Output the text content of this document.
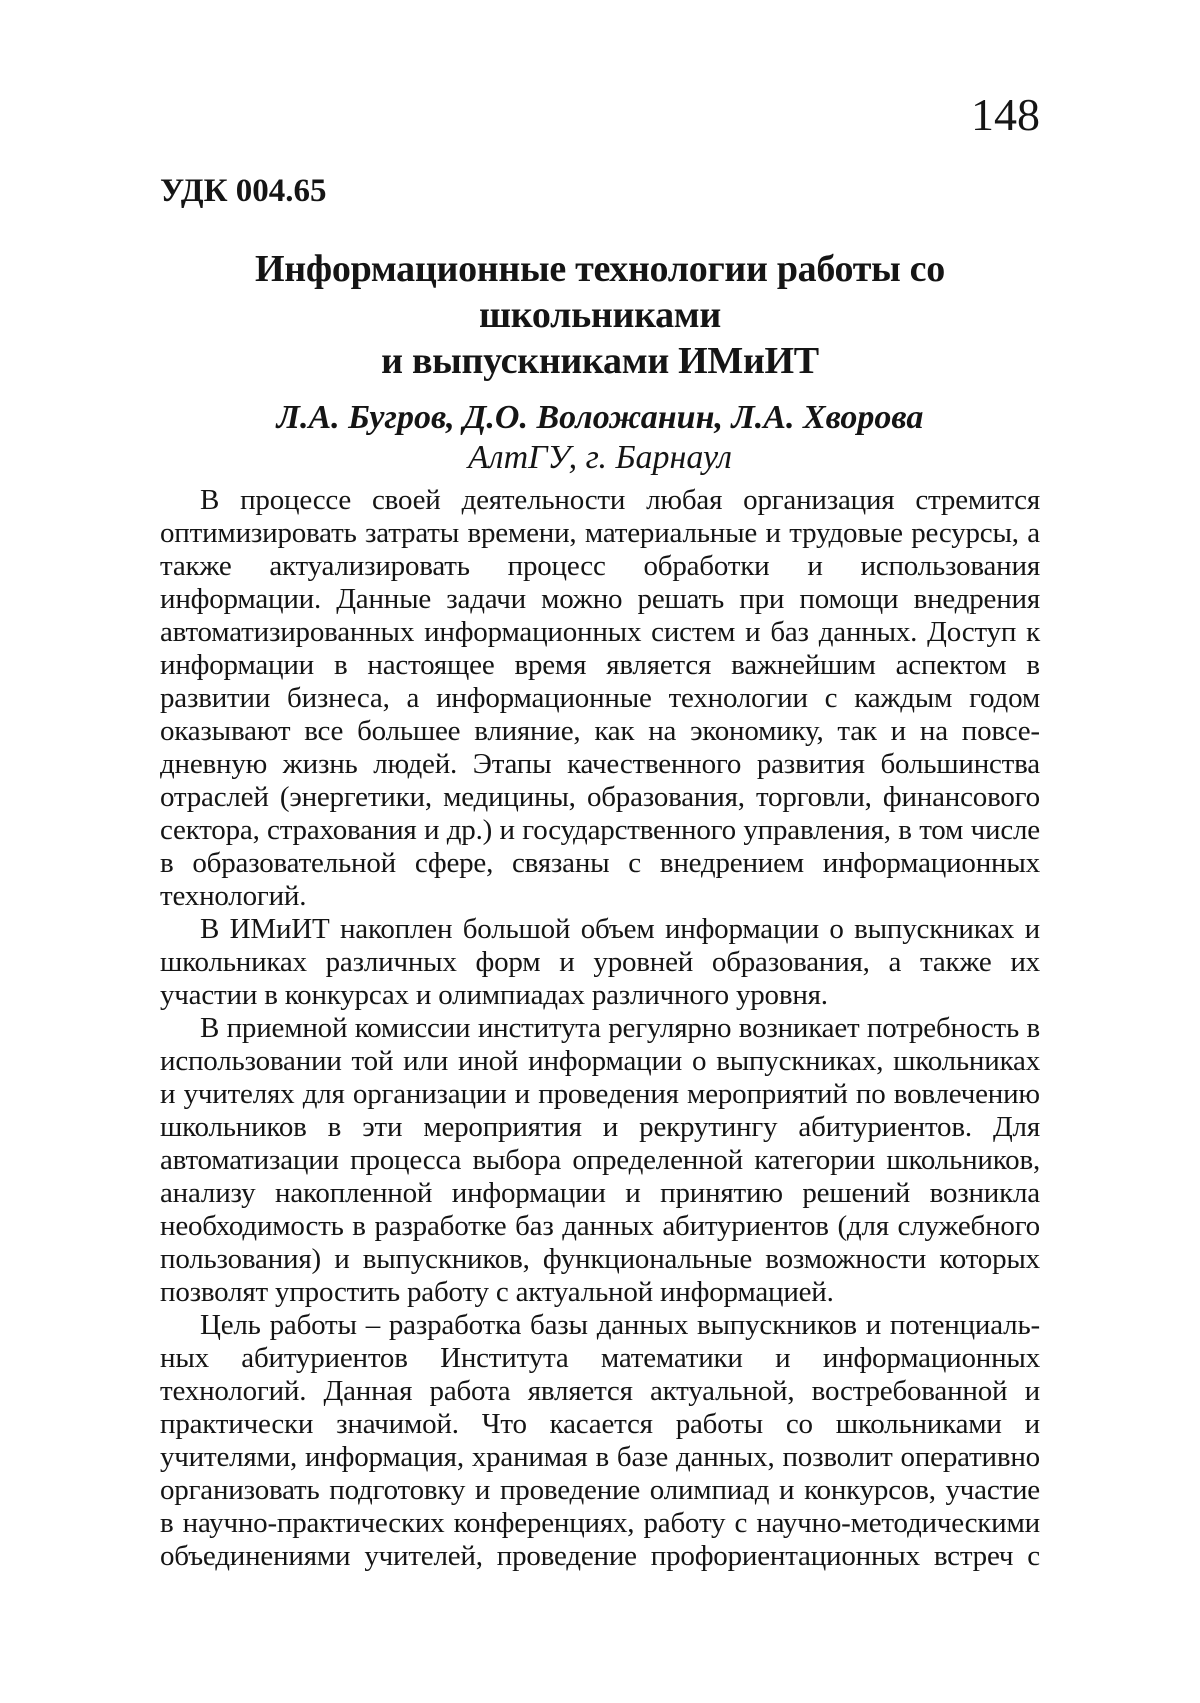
148
УДК 004.65
Информационные технологии работы со школьниками
и выпускниками ИМиИТ
Л.А. Бугров, Д.О. Воложанин, Л.А. Хворова
АлтГУ, г. Барнаул
В процессе своей деятельности любая организация стремится
оптимизировать затраты времени, материальные и трудовые ресурсы, а
также актуализировать процесс обработки и использования
информации. Данные задачи можно решать при помощи внедрения
автоматизированных информационных систем и баз данных. Доступ к
информации в настоящее время является важнейшим аспектом в
развитии бизнеса, а информационные технологии с каждым годом
оказывают все большее влияние, как на экономику, так и на повсе-
дневную жизнь людей. Этапы качественного развития большинства
отраслей (энергетики, медицины, образования, торговли, финансового
сектора, страхования и др.) и государственного управления, в том числе
в образовательной сфере, связаны с внедрением информационных
технологий.
В ИМиИТ накоплен большой объем информации о выпускниках и
школьниках различных форм и уровней образования, а также их
участии в конкурсах и олимпиадах различного уровня.
В приемной комиссии института регулярно возникает потребность в
использовании той или иной информации о выпускниках, школьниках
и учителях для организации и проведения мероприятий по вовлечению
школьников в эти мероприятия и рекрутингу абитуриентов. Для
автоматизации процесса выбора определенной категории школьников,
анализу накопленной информации и принятию решений возникла
необходимость в разработке баз данных абитуриентов (для служебного
пользования) и выпускников, функциональные возможности которых
позволят упростить работу с актуальной информацией.
Цель работы – разработка базы данных выпускников и потенциаль-
ных абитуриентов Института математики и информационных
технологий. Данная работа является актуальной, востребованной и
практически значимой. Что касается работы со школьниками и
учителями, информация, хранимая в базе данных, позволит оперативно
организовать подготовку и проведение олимпиад и конкурсов, участие
в научно-практических конференциях, работу с научно-методическими
объединениями учителей, проведение профориентационных встреч с
